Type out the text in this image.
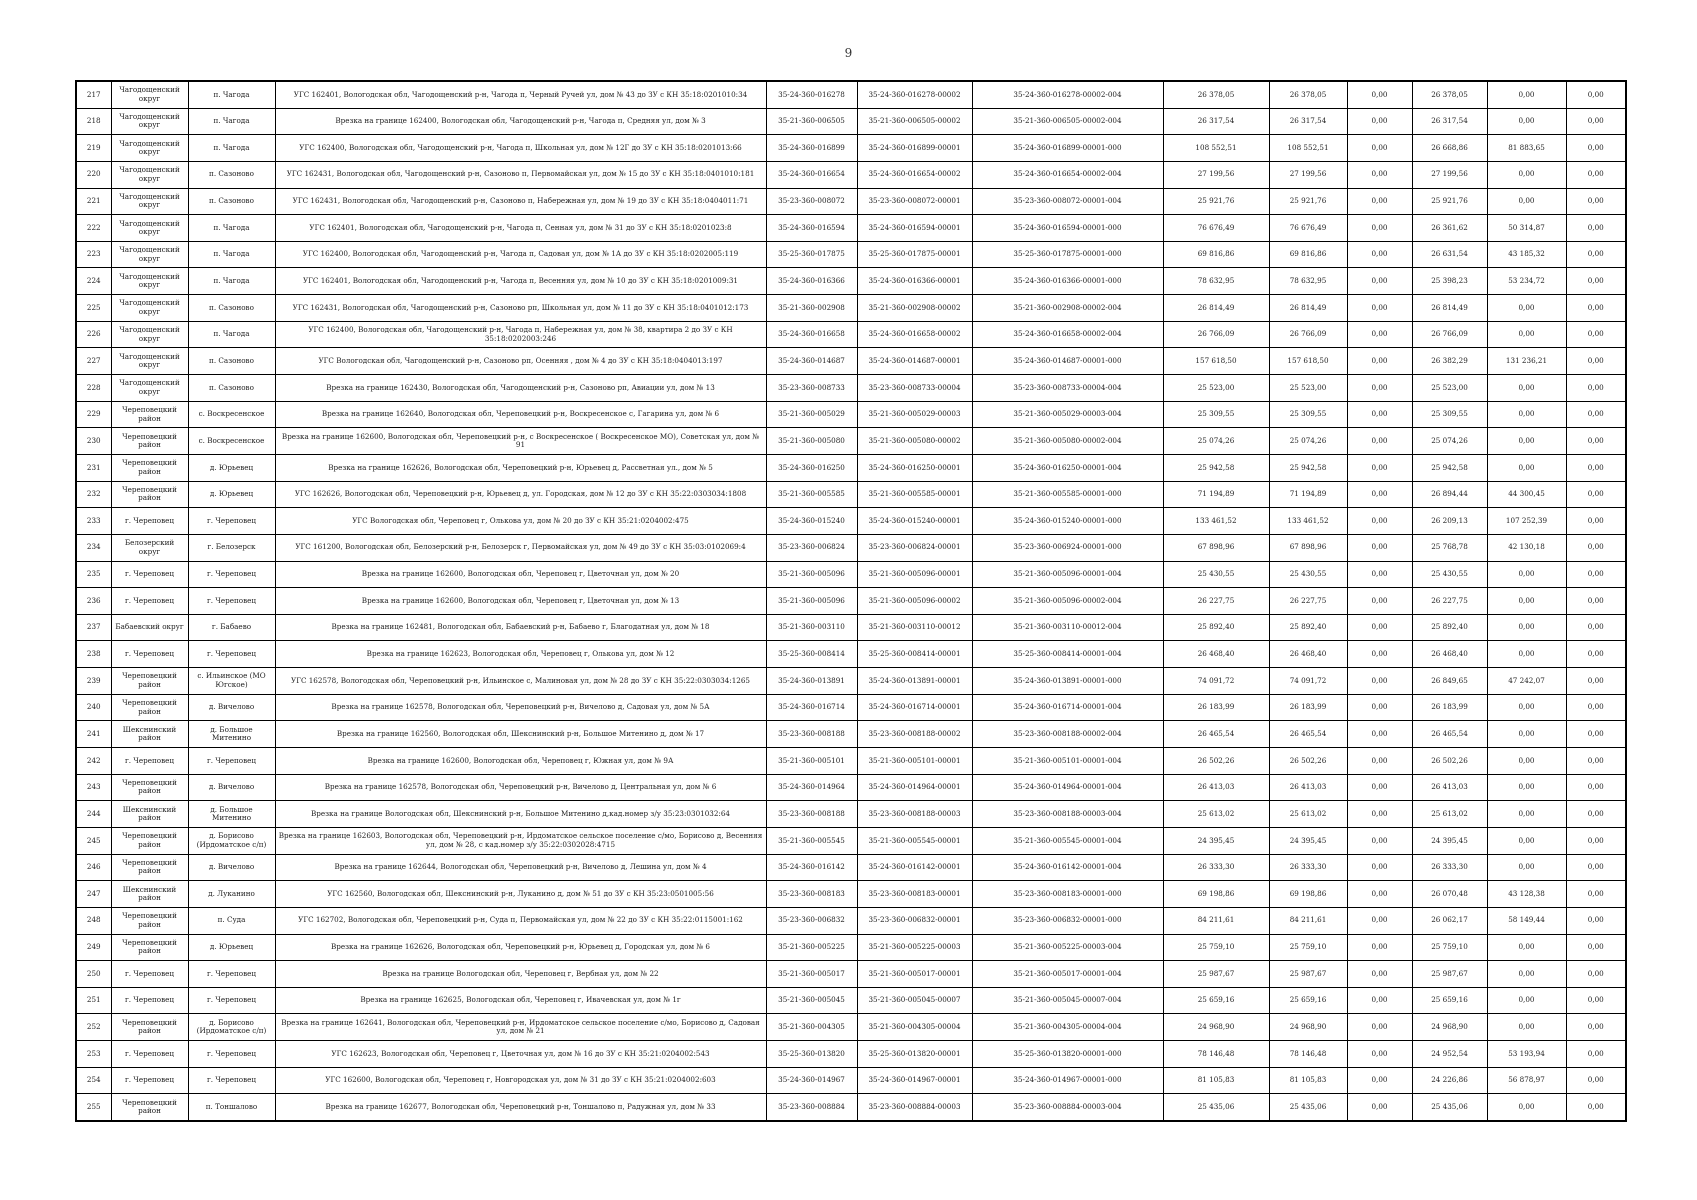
9
217	Чагодощенский округ	п. Чагода	УГС 162401, Вологодская обл, Чагодощенский р-н, Чагода п, Черный Ручей ул, дом № 43 до ЗУ с КН 35:18:0201010:34	35-24-360-016278	35-24-360-016278-00002	35-24-360-016278-00002-004	26 378,05	26 378,05	0,00	26 378,05	0,00	0,00
218	Чагодощенский округ	п. Чагода	Врезка на границе 162400, Вологодская обл, Чагодощенский р-н, Чагода п, Средняя ул, дом № 3	35-21-360-006505	35-21-360-006505-00002	35-21-360-006505-00002-004	26 317,54	26 317,54	0,00	26 317,54	0,00	0,00
219	Чагодощенский округ	п. Чагода	УГС 162400, Вологодская обл, Чагодощенский р-н, Чагода п, Школьная ул, дом № 12Г до ЗУ с КН 35:18:0201013:66	35-24-360-016899	35-24-360-016899-00001	35-24-360-016899-00001-000	108 552,51	108 552,51	0,00	26 668,86	81 883,65	0,00
220	Чагодощенский округ	п. Сазоново	УГС 162431, Вологодская обл, Чагодощенский р-н, Сазоново п, Первомайская ул, дом № 15 до ЗУ с КН 35:18:0401010:181	35-24-360-016654	35-24-360-016654-00002	35-24-360-016654-00002-004	27 199,56	27 199,56	0,00	27 199,56	0,00	0,00
221	Чагодощенский округ	п. Сазоново	УГС 162431, Вологодская обл, Чагодощенский р-н, Сазоново п, Набережная ул, дом № 19 до ЗУ с КН 35:18:0404011:71	35-23-360-008072	35-23-360-008072-00001	35-23-360-008072-00001-004	25 921,76	25 921,76	0,00	25 921,76	0,00	0,00
222	Чагодощенский округ	п. Чагода	УГС 162401, Вологодская обл, Чагодощенский р-н, Чагода п, Сенная ул, дом № 31 до ЗУ с КН 35:18:0201023:8	35-24-360-016594	35-24-360-016594-00001	35-24-360-016594-00001-000	76 676,49	76 676,49	0,00	26 361,62	50 314,87	0,00
223	Чагодощенский округ	п. Чагода	УГС 162400, Вологодская обл, Чагодощенский р-н, Чагода п, Садовая ул, дом № 1А до ЗУ с КН 35:18:0202005:119	35-25-360-017875	35-25-360-017875-00001	35-25-360-017875-00001-000	69 816,86	69 816,86	0,00	26 631,54	43 185,32	0,00
224	Чагодощенский округ	п. Чагода	УГС 162401, Вологодская обл, Чагодощенский р-н, Чагода п, Весенняя ул, дом № 10 до ЗУ с КН 35:18:0201009:31	35-24-360-016366	35-24-360-016366-00001	35-24-360-016366-00001-000	78 632,95	78 632,95	0,00	25 398,23	53 234,72	0,00
225	Чагодощенский округ	п. Сазоново	УГС 162431, Вологодская обл, Чагодощенский р-н, Сазоново рп, Школьная ул, дом № 11 до ЗУ с КН 35:18:0401012:173	35-21-360-002908	35-21-360-002908-00002	35-21-360-002908-00002-004	26 814,49	26 814,49	0,00	26 814,49	0,00	0,00
226	Чагодощенский округ	п. Чагода	УГС 162400, Вологодская обл, Чагодощенский р-н, Чагода п, Набережная ул, дом № 38, квартира 2 до ЗУ с КН 35:18:0202003:246	35-24-360-016658	35-24-360-016658-00002	35-24-360-016658-00002-004	26 766,09	26 766,09	0,00	26 766,09	0,00	0,00
227	Чагодощенский округ	п. Сазоново	УГС Вологодская обл, Чагодощенский р-н, Сазоново рп, Осенняя , дом № 4 до ЗУ с КН 35:18:0404013:197	35-24-360-014687	35-24-360-014687-00001	35-24-360-014687-00001-000	157 618,50	157 618,50	0,00	26 382,29	131 236,21	0,00
228	Чагодощенский округ	п. Сазоново	Врезка на границе 162430, Вологодская обл, Чагодощенский р-н, Сазоново рп, Авиации ул, дом № 13	35-23-360-008733	35-23-360-008733-00004	35-23-360-008733-00004-004	25 523,00	25 523,00	0,00	25 523,00	0,00	0,00
229	Череповецкий район	с. Воскресенское	Врезка на границе 162640, Вологодская обл, Череповецкий р-н, Воскресенское с, Гагарина ул, дом № 6	35-21-360-005029	35-21-360-005029-00003	35-21-360-005029-00003-004	25 309,55	25 309,55	0,00	25 309,55	0,00	0,00
230	Череповецкий район	с. Воскресенское	Врезка на границе 162600, Вологодская обл, Череповецкий р-н, с Воскресенское ( Воскресенское МО), Советская ул, дом № 91	35-21-360-005080	35-21-360-005080-00002	35-21-360-005080-00002-004	25 074,26	25 074,26	0,00	25 074,26	0,00	0,00
231	Череповецкий район	д. Юрьевец	Врезка на границе 162626, Вологодская обл, Череповецкий р-н, Юрьевец д, Рассветная ул., дом № 5	35-24-360-016250	35-24-360-016250-00001	35-24-360-016250-00001-004	25 942,58	25 942,58	0,00	25 942,58	0,00	0,00
232	Череповецкий район	д. Юрьевец	УГС 162626, Вологодская обл, Череповецкий р-н, Юрьевец д, ул. Городская, дом № 12 до ЗУ с КН 35:22:0303034:1808	35-21-360-005585	35-21-360-005585-00001	35-21-360-005585-00001-000	71 194,89	71 194,89	0,00	26 894,44	44 300,45	0,00
233	г. Череповец	г. Череповец	УГС Вологодская обл, Череповец г, Олькова ул, дом № 20 до ЗУ с КН 35:21:0204002:475	35-24-360-015240	35-24-360-015240-00001	35-24-360-015240-00001-000	133 461,52	133 461,52	0,00	26 209,13	107 252,39	0,00
234	Белозерский округ	г. Белозерск	УГС 161200, Вологодская обл, Белозерский р-н, Белозерск г, Первомайская ул, дом № 49 до ЗУ с КН 35:03:0102069:4	35-23-360-006824	35-23-360-006824-00001	35-23-360-006924-00001-000	67 898,96	67 898,96	0,00	25 768,78	42 130,18	0,00
235	г. Череповец	г. Череповец	Врезка на границе 162600, Вологодская обл, Череповец г, Цветочная ул, дом № 20	35-21-360-005096	35-21-360-005096-00001	35-21-360-005096-00001-004	25 430,55	25 430,55	0,00	25 430,55	0,00	0,00
236	г. Череповец	г. Череповец	Врезка на границе 162600, Вологодская обл, Череповец г, Цветочная ул, дом № 13	35-21-360-005096	35-21-360-005096-00002	35-21-360-005096-00002-004	26 227,75	26 227,75	0,00	26 227,75	0,00	0,00
237	Бабаевский округ	г. Бабаево	Врезка на границе 162481, Вологодская обл, Бабаевский р-н, Бабаево г, Благодатная ул, дом № 18	35-21-360-003110	35-21-360-003110-00012	35-21-360-003110-00012-004	25 892,40	25 892,40	0,00	25 892,40	0,00	0,00
238	г. Череповец	г. Череповец	Врезка на границе 162623, Вологодская обл, Череповец г, Олькова ул, дом № 12	35-25-360-008414	35-25-360-008414-00001	35-25-360-008414-00001-004	26 468,40	26 468,40	0,00	26 468,40	0,00	0,00
239	Череповецкий район	с. Ильинское (МО Югское)	УГС 162578, Вологодская обл, Череповецкий р-н, Ильинское с, Малиновая ул, дом № 28 до ЗУ с КН 35:22:0303034:1265	35-24-360-013891	35-24-360-013891-00001	35-24-360-013891-00001-000	74 091,72	74 091,72	0,00	26 849,65	47 242,07	0,00
240	Череповецкий район	д. Вичелово	Врезка на границе 162578, Вологодская обл, Череповецкий р-н, Вичелово д, Садовая ул, дом № 5А	35-24-360-016714	35-24-360-016714-00001	35-24-360-016714-00001-004	26 183,99	26 183,99	0,00	26 183,99	0,00	0,00
241	Шекснинский район	д. Большое Митенино	Врезка на границе 162560, Вологодская обл, Шекснинский р-н, Большое Митенино д, дом № 17	35-23-360-008188	35-23-360-008188-00002	35-23-360-008188-00002-004	26 465,54	26 465,54	0,00	26 465,54	0,00	0,00
242	г. Череповец	г. Череповец	Врезка на границе 162600, Вологодская обл, Череповец г, Южная ул, дом № 9А	35-21-360-005101	35-21-360-005101-00001	35-21-360-005101-00001-004	26 502,26	26 502,26	0,00	26 502,26	0,00	0,00
243	Череповецкий район	д. Вичелово	Врезка на границе 162578, Вологодская обл, Череповецкий р-н, Вичелово д, Центральная ул, дом № 6	35-24-360-014964	35-24-360-014964-00001	35-24-360-014964-00001-004	26 413,03	26 413,03	0,00	26 413,03	0,00	0,00
244	Шекснинский район	д. Большое Митенино	Врезка на границе Вологодская обл, Шекснинский р-н, Большое Митенино д,кад.номер з/у 35:23:0301032:64	35-23-360-008188	35-23-360-008188-00003	35-23-360-008188-00003-004	25 613,02	25 613,02	0,00	25 613,02	0,00	0,00
245	Череповецкий район	д. Борисово (Ирдоматское с/п)	Врезка на границе 162603, Вологодская обл, Череповецкий р-н, Ирдоматское сельское поселение с/мо, Борисово д, Весенняя ул, дом № 28, с кад.номер з/у 35:22:0302028:4715	35-21-360-005545	35-21-360-005545-00001	35-21-360-005545-00001-004	24 395,45	24 395,45	0,00	24 395,45	0,00	0,00
246	Череповецкий район	д. Вичелово	Врезка на границе 162644, Вологодская обл, Череповецкий р-н, Вичелово д, Лешина ул, дом № 4	35-24-360-016142	35-24-360-016142-00001	35-24-360-016142-00001-004	26 333,30	26 333,30	0,00	26 333,30	0,00	0,00
247	Шекснинский район	д. Луканино	УГС 162560, Вологодская обл, Шекснинский р-н, Луканино д, дом № 51 до ЗУ с КН 35:23:0501005:56	35-23-360-008183	35-23-360-008183-00001	35-23-360-008183-00001-000	69 198,86	69 198,86	0,00	26 070,48	43 128,38	0,00
248	Череповецкий район	п. Суда	УГС 162702, Вологодская обл, Череповецкий р-н, Суда п, Первомайская ул, дом № 22 до ЗУ с КН 35:22:0115001:162	35-23-360-006832	35-23-360-006832-00001	35-23-360-006832-00001-000	84 211,61	84 211,61	0,00	26 062,17	58 149,44	0,00
249	Череповецкий район	д. Юрьевец	Врезка на границе 162626, Вологодская обл, Череповецкий р-н, Юрьевец д, Городская ул, дом № 6	35-21-360-005225	35-21-360-005225-00003	35-21-360-005225-00003-004	25 759,10	25 759,10	0,00	25 759,10	0,00	0,00
250	г. Череповец	г. Череповец	Врезка на границе Вологодская обл, Череповец г, Вербная ул, дом № 22	35-21-360-005017	35-21-360-005017-00001	35-21-360-005017-00001-004	25 987,67	25 987,67	0,00	25 987,67	0,00	0,00
251	г. Череповец	г. Череповец	Врезка на границе 162625, Вологодская обл, Череповец г, Ивачевская ул, дом № 1г	35-21-360-005045	35-21-360-005045-00007	35-21-360-005045-00007-004	25 659,16	25 659,16	0,00	25 659,16	0,00	0,00
252	Череповецкий район	д. Борисово (Ирдоматское с/п)	Врезка на границе 162641, Вологодская обл, Череповецкий р-н, Ирдоматское сельское поселение с/мо, Борисово д, Садовая ул, дом № 21	35-21-360-004305	35-21-360-004305-00004	35-21-360-004305-00004-004	24 968,90	24 968,90	0,00	24 968,90	0,00	0,00
253	г. Череповец	г. Череповец	УГС 162623, Вологодская обл, Череповец г, Цветочная ул, дом № 16 до ЗУ с КН 35:21:0204002:543	35-25-360-013820	35-25-360-013820-00001	35-25-360-013820-00001-000	78 146,48	78 146,48	0,00	24 952,54	53 193,94	0,00
254	г. Череповец	г. Череповец	УГС 162600, Вологодская обл, Череповец г, Новгородская ул, дом № 31 до ЗУ с КН 35:21:0204002:603	35-24-360-014967	35-24-360-014967-00001	35-24-360-014967-00001-000	81 105,83	81 105,83	0,00	24 226,86	56 878,97	0,00
255	Череповецкий район	п. Тоншалово	Врезка на границе 162677, Вологодская обл, Череповецкий р-н, Тоншалово п, Радужная ул, дом № 33	35-23-360-008884	35-23-360-008884-00003	35-23-360-008884-00003-004	25 435,06	25 435,06	0,00	25 435,06	0,00	0,00
